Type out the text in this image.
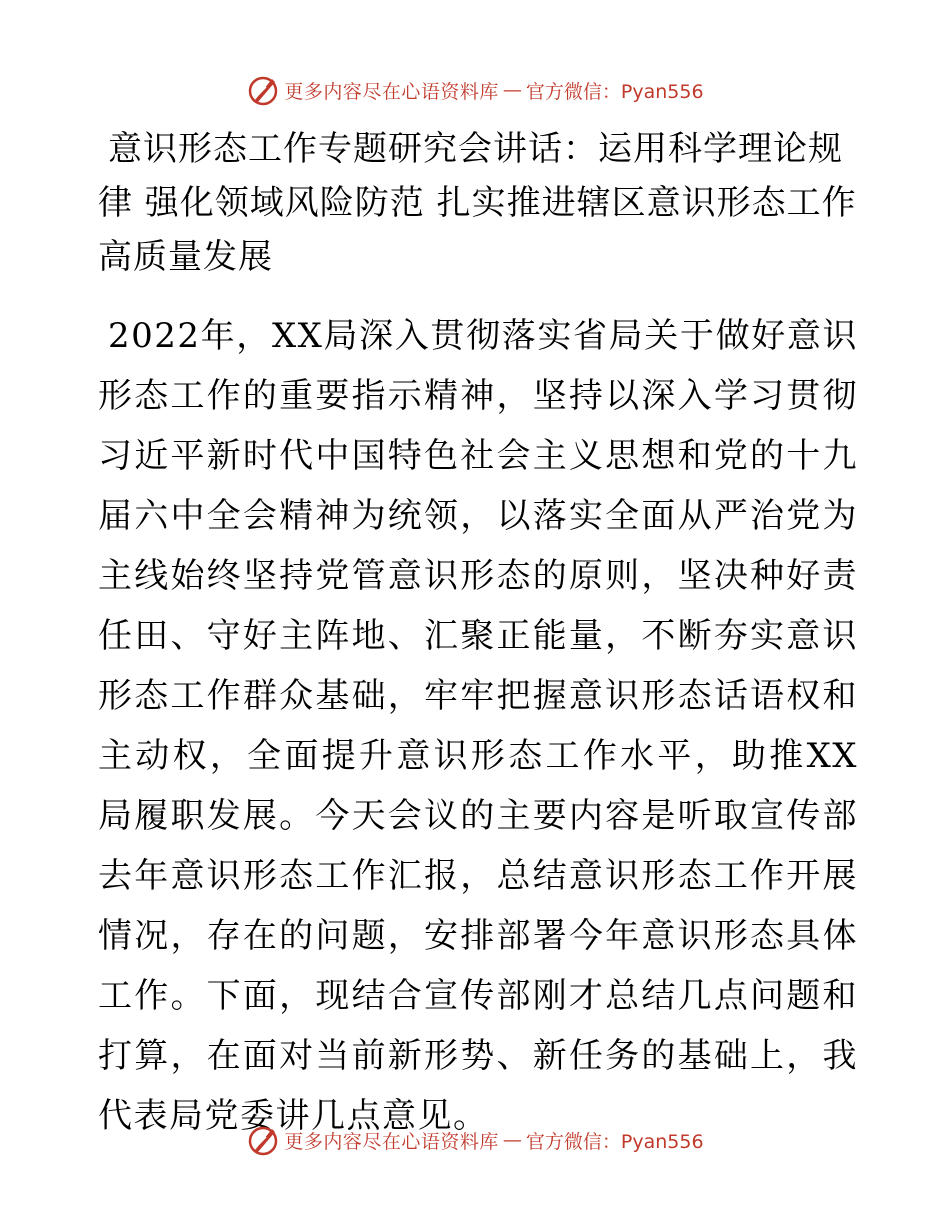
更多内容尽在心语资料库 — 官方微信：Pyan556
意识形态工作专题研究会讲话：运用科学理论规律 强化领域风险防范 扎实推进辖区意识形态工作高质量发展

2022年，XX局深入贯彻落实省局关于做好意识形态工作的重要指示精神，坚持以深入学习贯彻习近平新时代中国特色社会主义思想和党的十九届六中全会精神为统领，以落实全面从严治党为主线始终坚持党管意识形态的原则，坚决种好责任田、守好主阵地、汇聚正能量，不断夯实意识形态工作群众基础，牢牢把握意识形态话语权和主动权，全面提升意识形态工作水平，助推XX局履职发展。今天会议的主要内容是听取宣传部去年意识形态工作汇报，总结意识形态工作开展情况，存在的问题，安排部署今年意识形态具体工作。下面，现结合宣传部刚才总结几点问题和打算，在面对当前新形势、新任务的基础上，我代表局党委讲几点意见。

更多内容尽在心语资料库 — 官方微信：Pyan556
